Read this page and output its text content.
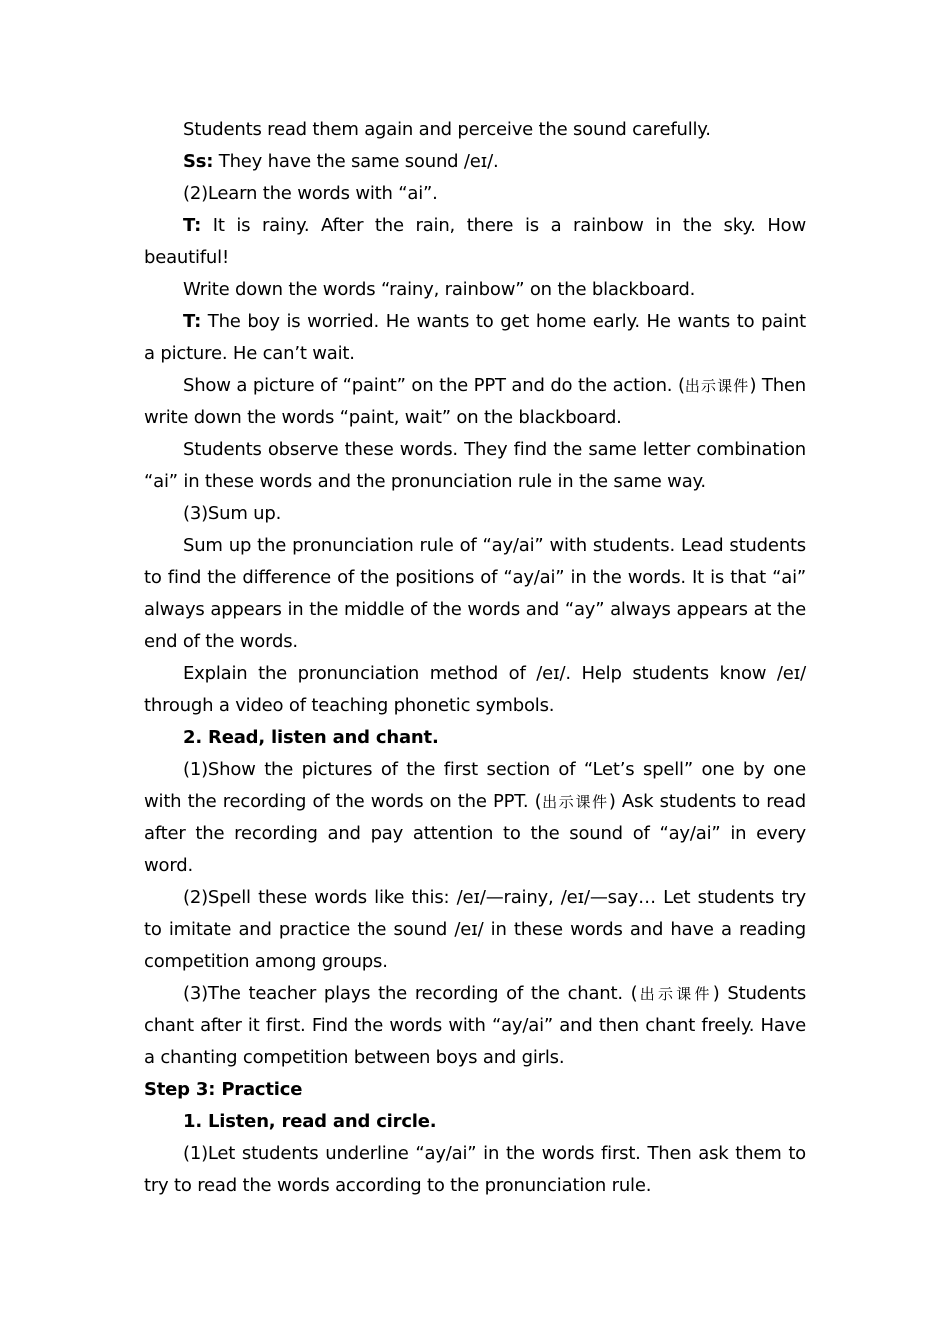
Students read them again and perceive the sound carefully.

Ss: They have the same sound /eɪ/.

(2)Learn the words with “ai”.

T: It is rainy. After the rain, there is a rainbow in the sky. How beautiful!

Write down the words “rainy, rainbow” on the blackboard.

T: The boy is worried. He wants to get home early. He wants to paint a picture. He can’t wait.

Show a picture of “paint” on the PPT and do the action. (出示课件) Then write down the words “paint, wait” on the blackboard.

Students observe these words. They find the same letter combination “ai” in these words and the pronunciation rule in the same way.

(3)Sum up.

Sum up the pronunciation rule of “ay/ai” with students. Lead students to find the difference of the positions of “ay/ai” in the words. It is that “ai” always appears in the middle of the words and “ay” always appears at the end of the words.

Explain the pronunciation method of /eɪ/. Help students know /eɪ/ through a video of teaching phonetic symbols.

2. Read, listen and chant.

(1)Show the pictures of the first section of “Let’s spell” one by one with the recording of the words on the PPT. (出示课件) Ask students to read after the recording and pay attention to the sound of “ay/ai” in every word.

(2)Spell these words like this: /eɪ/—rainy, /eɪ/—say… Let students try to imitate and practice the sound /eɪ/ in these words and have a reading competition among groups.

(3)The teacher plays the recording of the chant. (出示课件) Students chant after it first. Find the words with “ay/ai” and then chant freely. Have a chanting competition between boys and girls.

Step 3: Practice

1. Listen, read and circle.

(1)Let students underline “ay/ai” in the words first. Then ask them to try to read the words according to the pronunciation rule.
